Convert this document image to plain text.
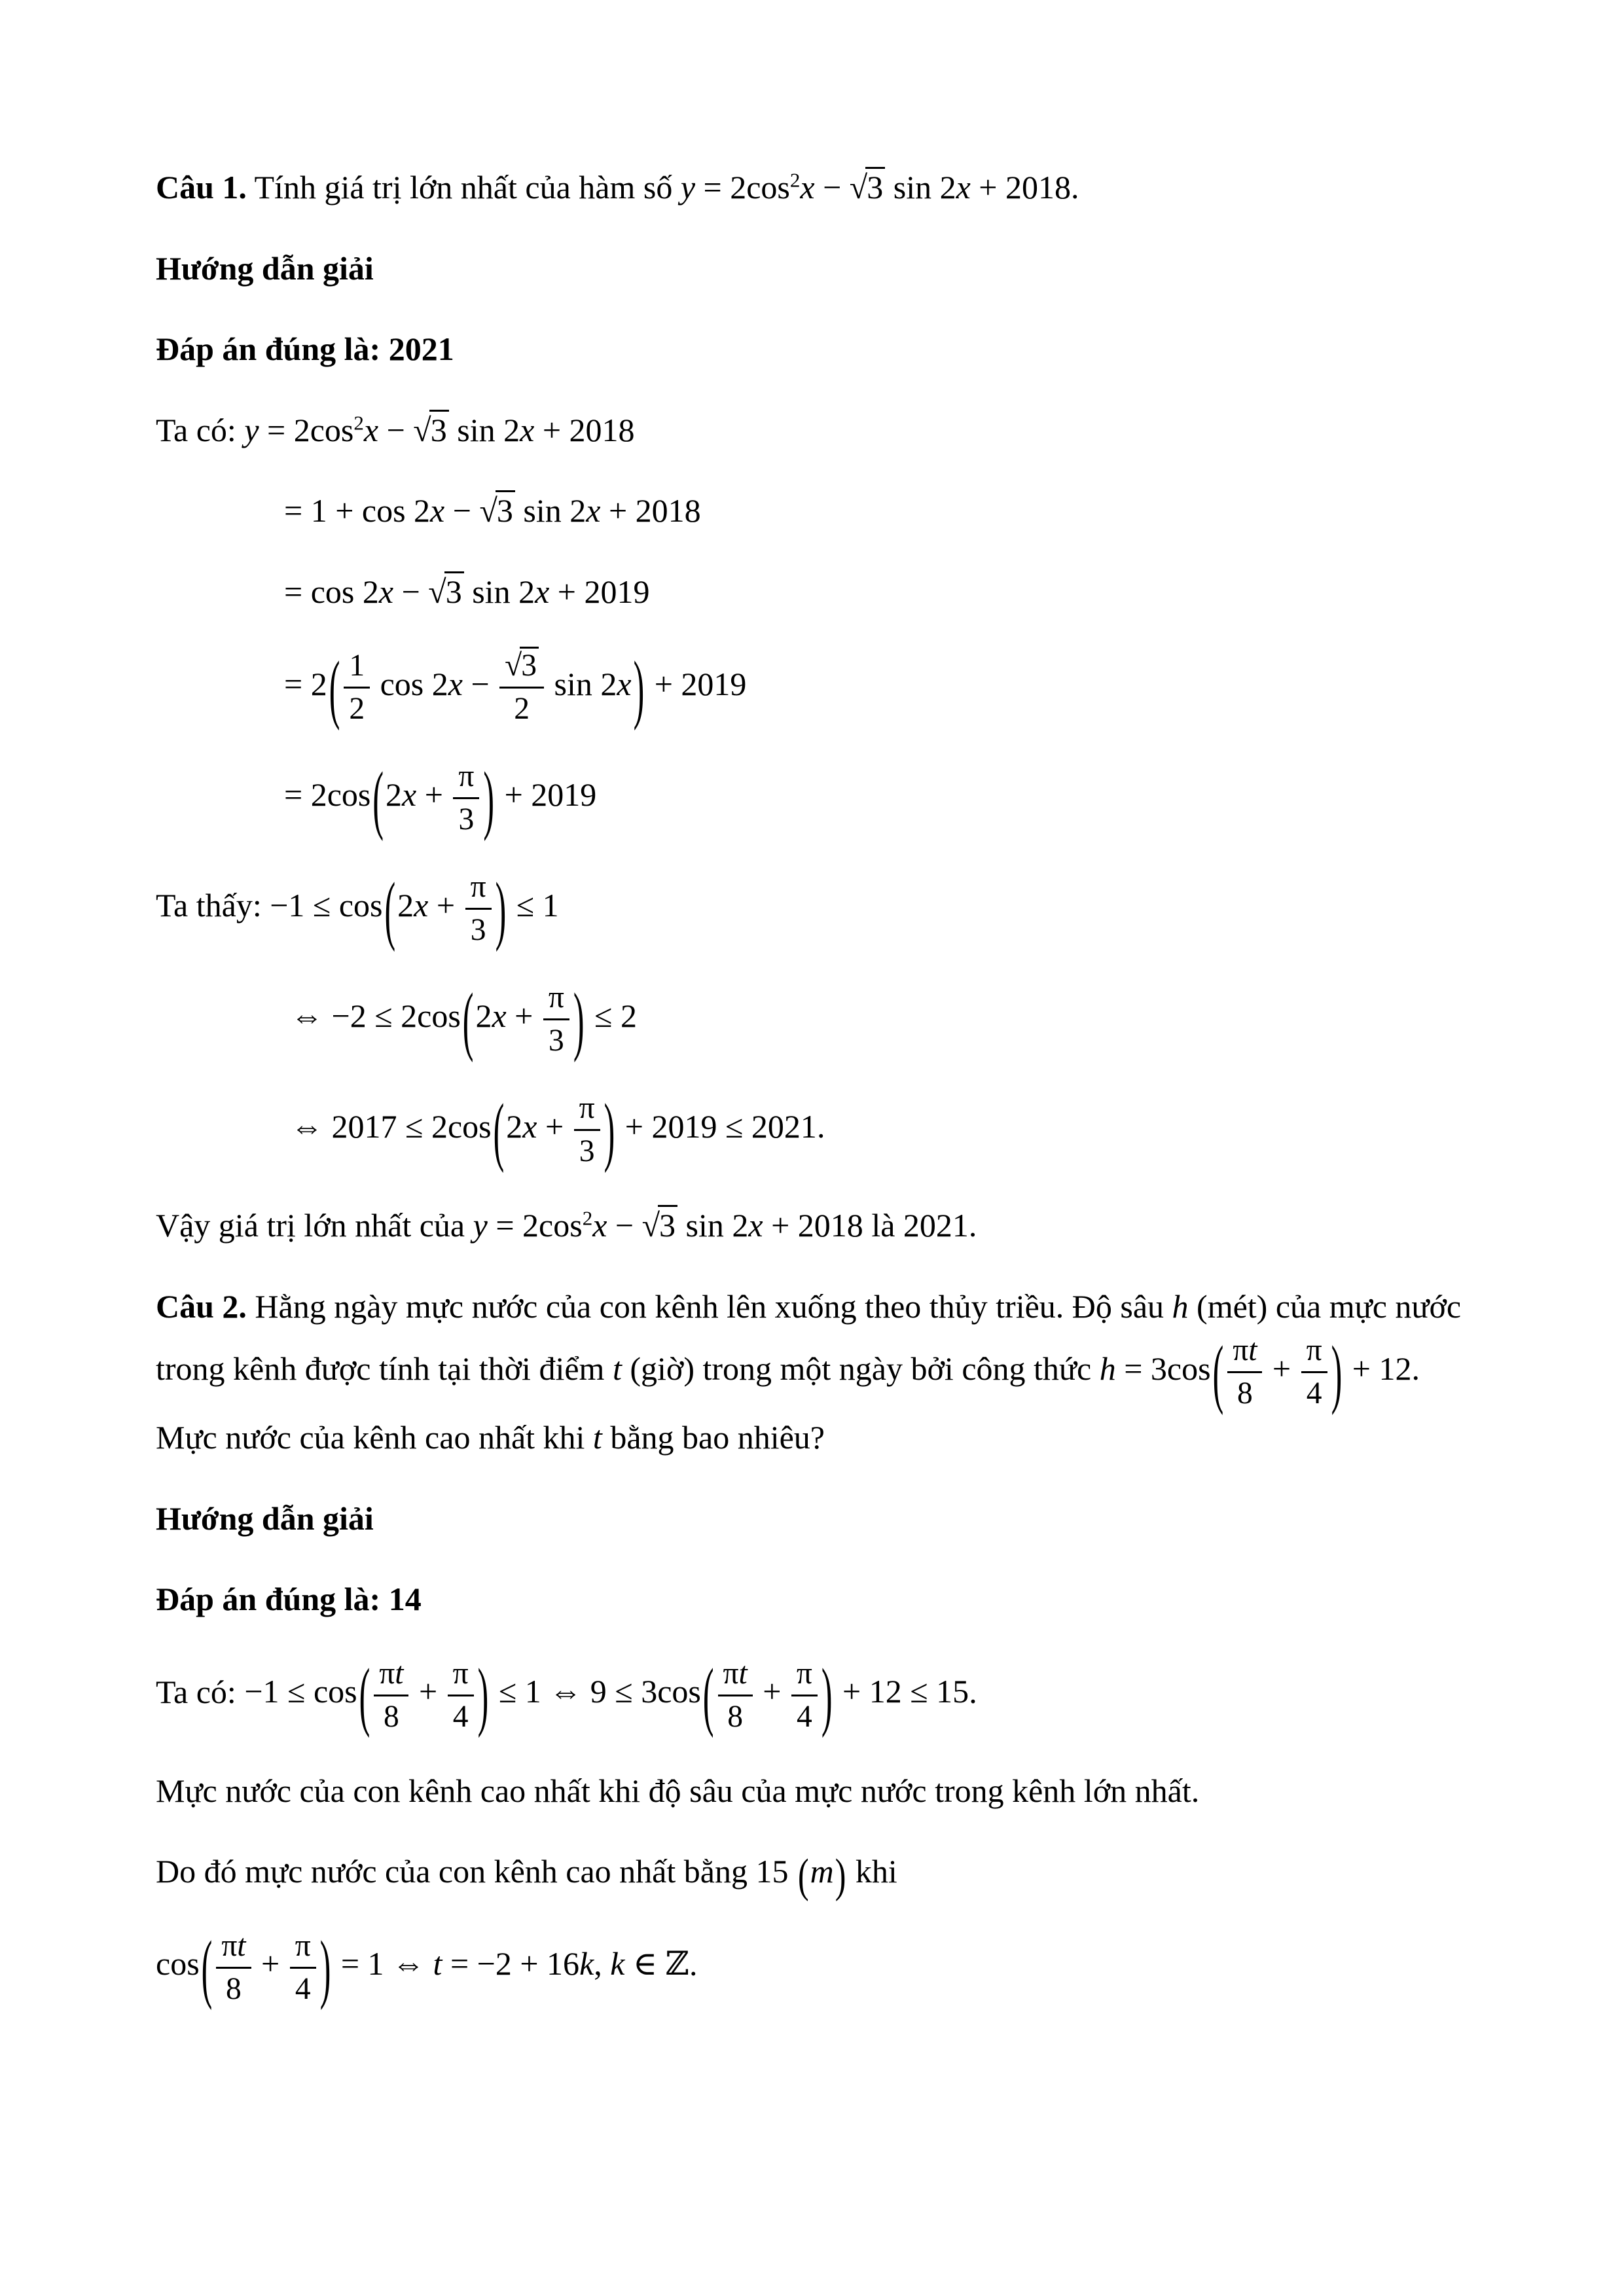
Câu 1. Tính giá trị lớn nhất của hàm số $y = 2\cos^2x$ − √ 3 sin 2x + 2018.

Hướng dẫn giải

Đáp án đúng là: 2021

Ta có: $y = 2\cos^2x$ − √ 3 sin 2x + 2018

= 1 + cos 2x − √ 3 sin 2x + 2018

= cos 2x − √ 3 sin 2x + 2019

= $2( \frac{1}{2}$ cos 2x − √ $\frac{3}{2}$ sin 2x) + 2019

= $2\cos(2x + \frac{\pi}{3}$ ) + 2019

Ta thấy: $-1 \le \cos(2x + \frac{\pi}{3}$ ) ≤ 1

⇔ $-2 \le 2\cos(2x + \frac{\pi}{3}$ ) ≤ 2

⇔ $2017 \le 2\cos(2x + \frac{\pi}{3}$ ) + 2019 ≤ 2021.

Vậy giá trị lớn nhất của $y = 2\cos^2x$ − √ 3 sin 2x + 2018 là 2021.

Câu 2. Hằng ngày mực nước của con kênh lên xuống theo thủy triều. Độ sâu h (mét) của mực nước trong kênh được tính tại thời điểm t (giờ) trong một ngày bởi công thức $h = 3\cos( \frac{\pi t}{8} + \frac{\pi}{4}$ ) + 12. Mực nước của kênh cao nhất khi t bằng bao nhiêu?

Hướng dẫn giải

Đáp án đúng là: 14

Ta có: $-1 \le \cos( \frac{\pi t}{8} + \frac{\pi}{4}$ ) ≤ 1 ⇔ $9 \le 3\cos( \frac{\pi t}{8} + \frac{\pi}{4}$ ) + 12 ≤ 15.

Mực nước của con kênh cao nhất khi độ sâu của mực nước trong kênh lớn nhất.

Do đó mực nước của con kênh cao nhất bằng 15 (m) khi

$\cos( \frac{\pi t}{8} + \frac{\pi}{4}$ ) = 1 ⇔ t = −2 + 16k, k ∈ ℤ.
